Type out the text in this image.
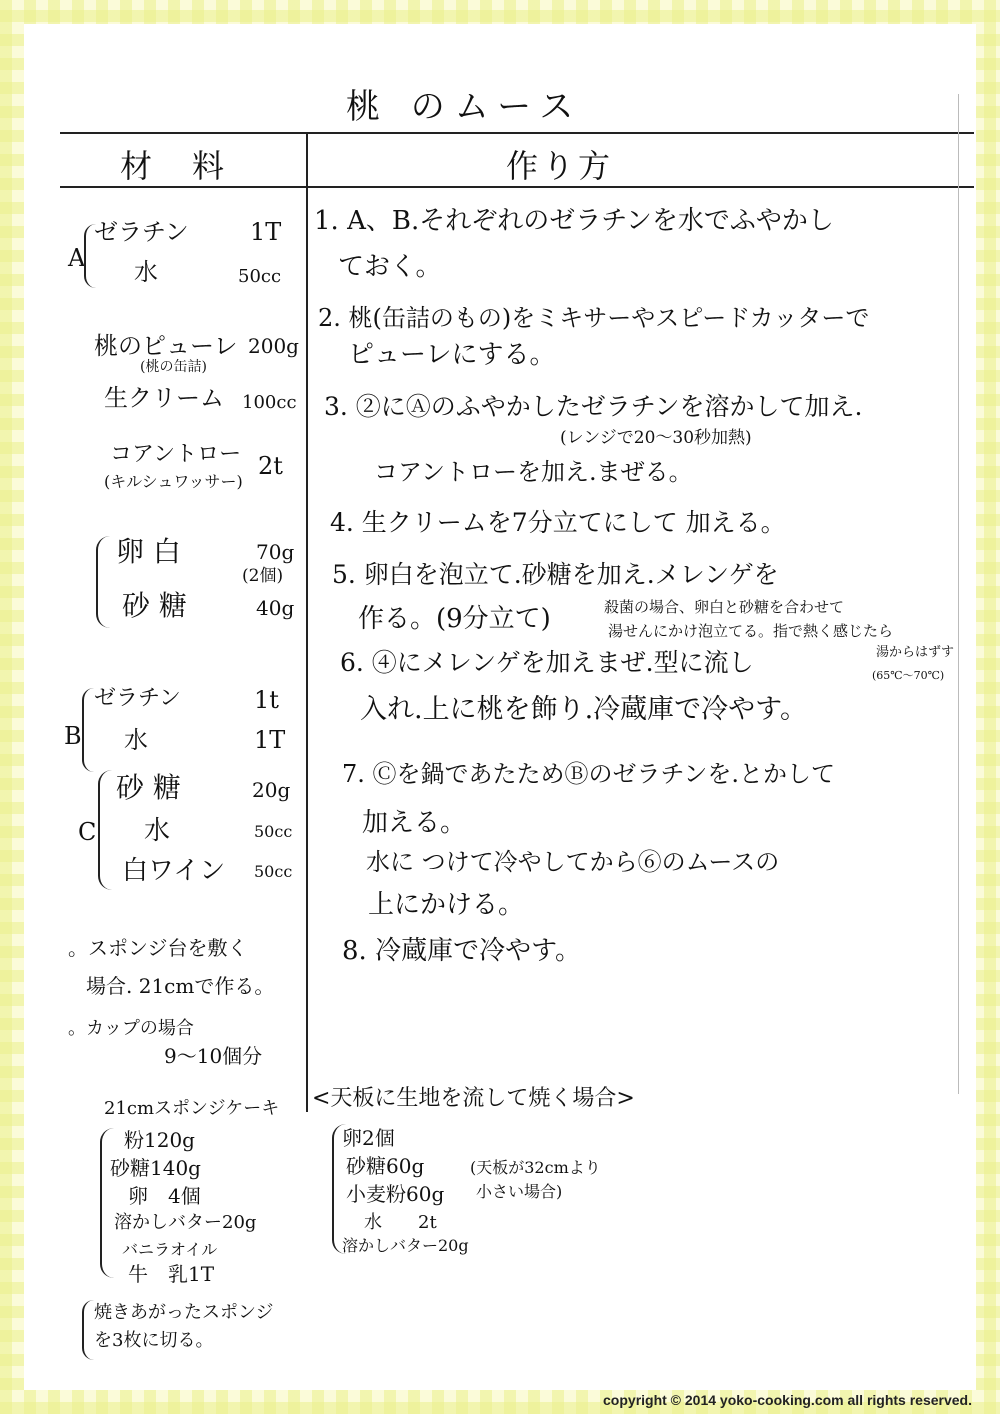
桃 のムース
材　料	作り方
A
ゼラチン	1T
水	50cc
桃のピューレ 200g
(桃の缶詰)
生クリーム 100cc
コアントロー 2t
(キルシュワッサー)
卵 白	70g
(2個)
砂 糖	40g
B
ゼラチン	1t
水	1T
C
砂 糖	20g
水	50cc
白ワイン 50cc
。スポンジ台を敷く
場合. 21cmで作る。
。カップの場合
9～10個分
21cmスポンジケーキ
粉120g
砂糖140g
卵　4個
溶かしバター20g
バニラオイル
牛　乳1T
焼きあがったスポンジ
を3枚に切る。
1. A、B.それぞれのゼラチンを水でふやかし
ておく。
2. 桃(缶詰のもの)をミキサーやスピードカッターで
ピューレにする。
3. ②にⒶのふやかしたゼラチンを溶かして加え.
(レンジで20～30秒加熱)
コアントローを加え.まぜる。
4. 生クリームを7分立てにして 加える。
5. 卵白を泡立て.砂糖を加え.メレンゲを
作る。(9分立て)	殺菌の場合、卵白と砂糖を合わせて
湯せんにかけ泡立てる。指で熱く感じたら
6. ④にメレンゲを加えまぜ.型に流し	湯からはずす
(65℃～70℃)
入れ.上に桃を飾り.冷蔵庫で冷やす。
7. Ⓒを鍋であたためⒷのゼラチンを.とかして
加える。
水に つけて冷やしてから⑥のムースの
上にかける。
8. 冷蔵庫で冷やす。
<天板に生地を流して焼く場合>
卵2個
砂糖60g
小麦粉60g
水　　2t
溶かしバター20g
(天板が32cmより
小さい場合)
copyright © 2014 yoko-cooking.com all rights reserved.
